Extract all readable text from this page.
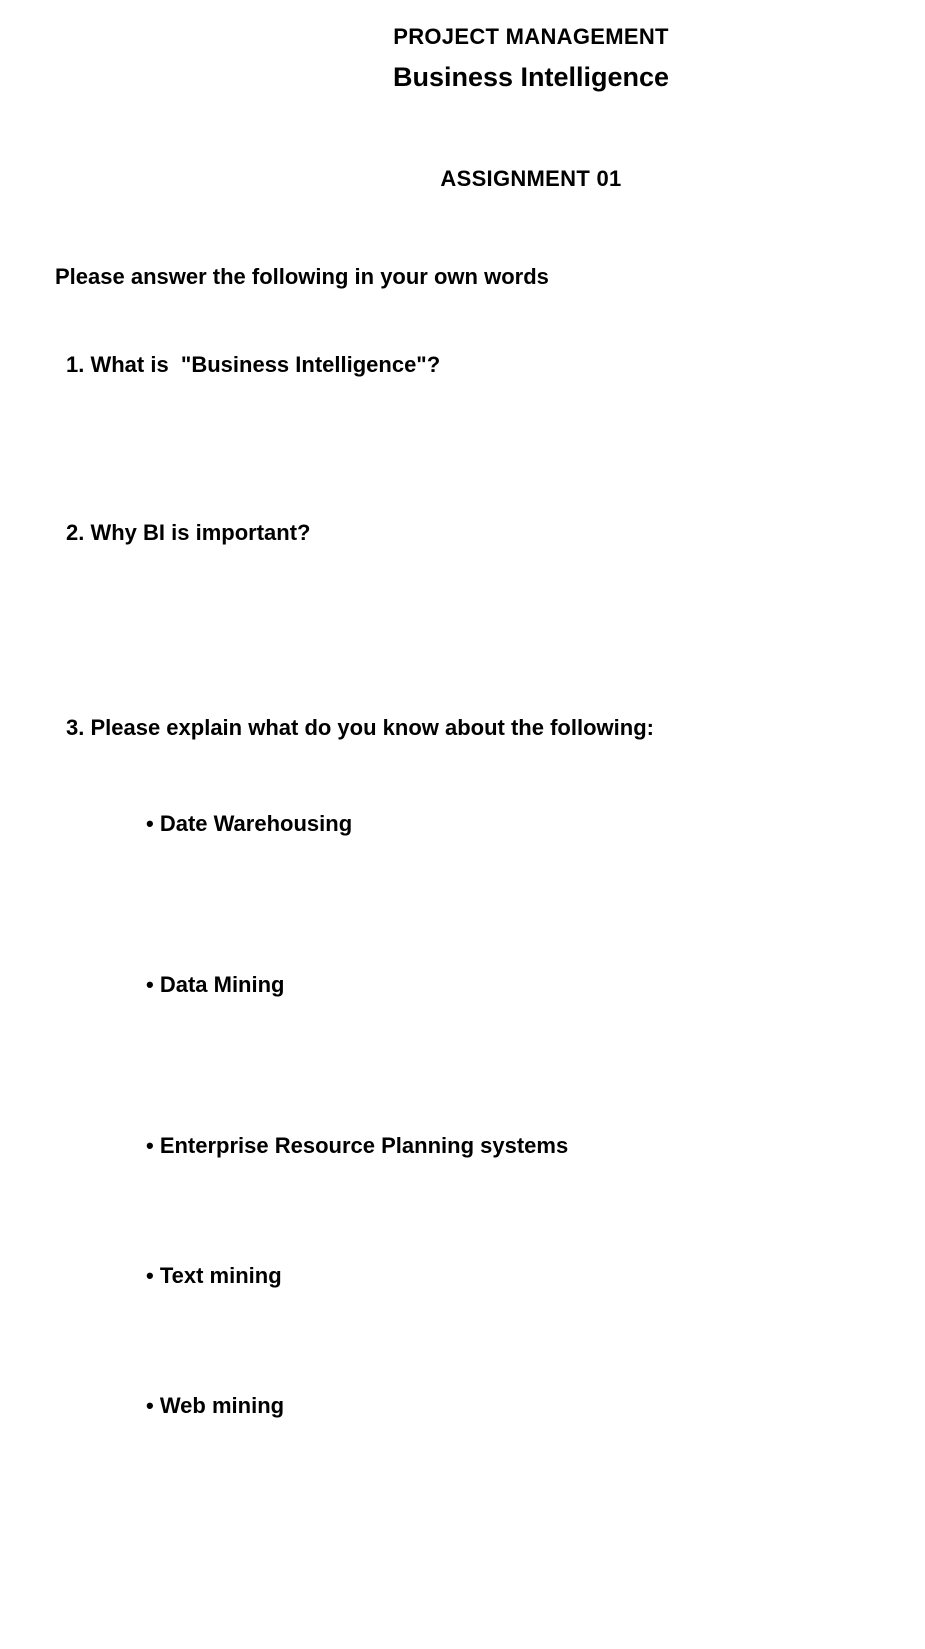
PROJECT MANAGEMENT
Business Intelligence
ASSIGNMENT 01
Please answer the following in your own words
1. What is  "Business Intelligence"?
2. Why BI is important?
3. Please explain what do you know about the following:
• Date Warehousing
• Data Mining
• Enterprise Resource Planning systems
• Text mining
• Web mining
